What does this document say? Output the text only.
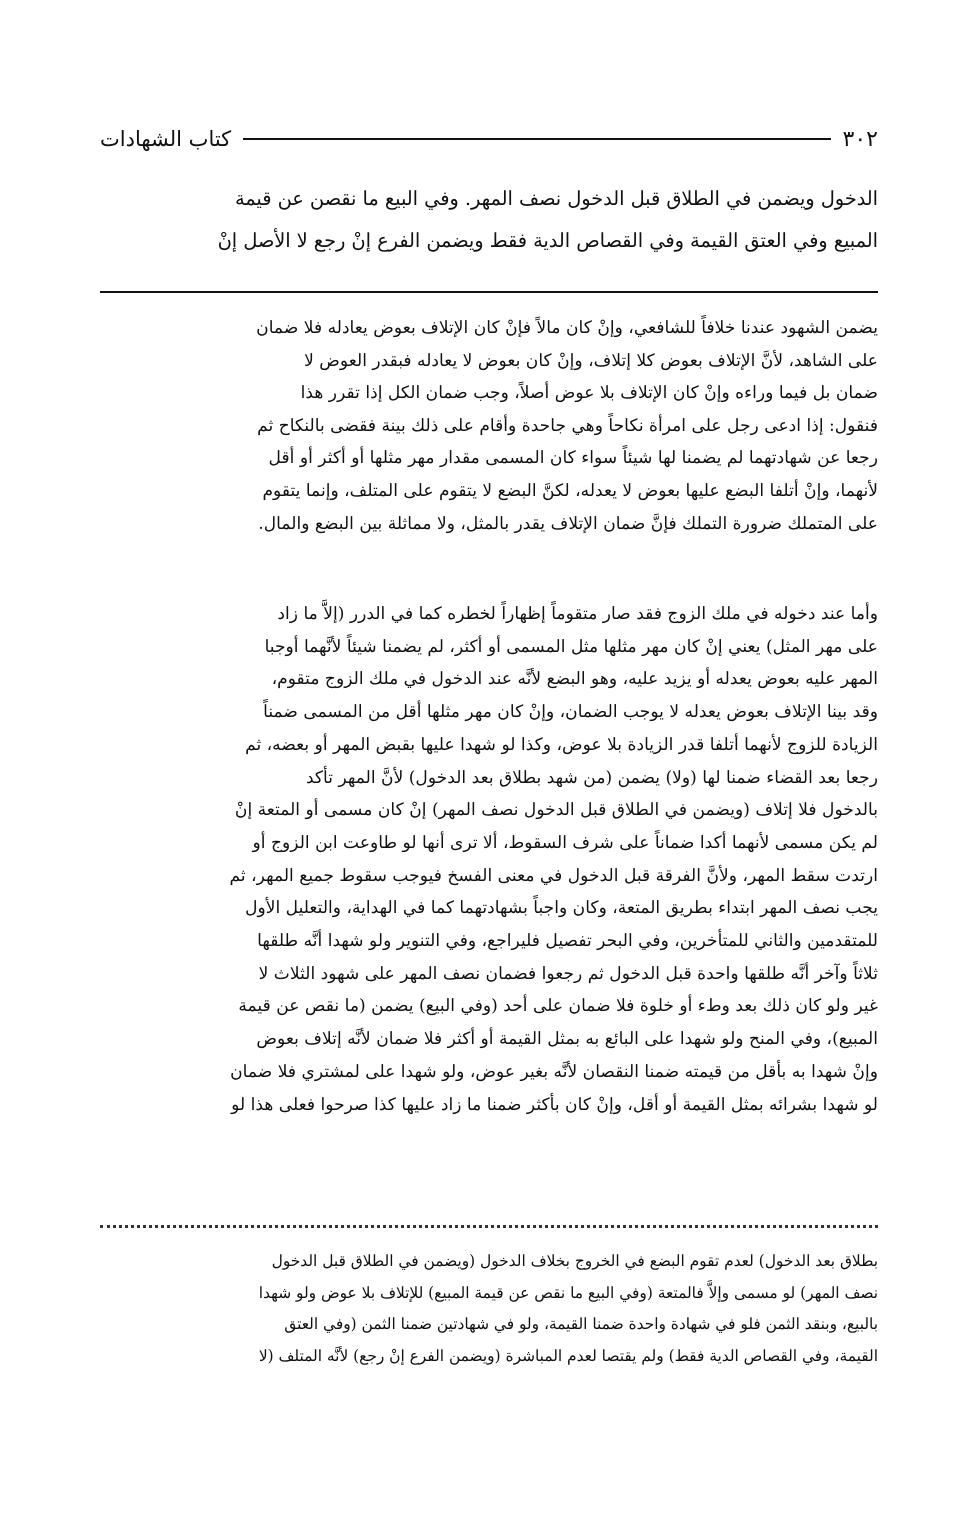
كتاب الشهادات	٣٠٢
الدخول ويضمن في الطلاق قبل الدخول نصف المهر. وفي البيع ما نقصن عن قيمة
المبيع وفي العتق القيمة وفي القصاص الدية فقط ويضمن الفرع إنْ رجع لا الأصل إنْ
يضمن الشهود عندنا خلافاً للشافعي، وإنْ كان مالاً فإنْ كان الإتلاف بعوض يعادله فلا ضمان
على الشاهد، لأنَّ الإتلاف بعوض كلا إتلاف، وإنْ كان بعوض لا يعادله فبقدر العوض لا
ضمان بل فيما وراءه وإنْ كان الإتلاف بلا عوض أصلاً، وجب ضمان الكل إذا تقرر هذا
فنقول: إذا ادعى رجل على امرأة نكاحاً وهي جاحدة وأقام على ذلك بينة فقضى بالنكاح ثم
رجعا عن شهادتهما لم يضمنا لها شيئاً سواء كان المسمى مقدار مهر مثلها أو أكثر أو أقل
لأنهما، وإنْ أتلفا البضع عليها بعوض لا يعدله، لكنَّ البضع لا يتقوم على المتلف، وإنما يتقوم
على المتملك ضرورة التملك فإنَّ ضمان الإتلاف يقدر بالمثل، ولا مماثلة بين البضع والمال.
وأما عند دخوله في ملك الزوج فقد صار متقوماً إظهاراً لخطره كما في الدرر (إلاَّ ما زاد
على مهر المثل) يعني إنْ كان مهر مثلها مثل المسمى أو أكثر، لم يضمنا شيئاً لأنَّهما أوجبا
المهر عليه بعوض يعدله أو يزيد عليه، وهو البضع لأنَّه عند الدخول في ملك الزوج متقوم،
وقد بينا الإتلاف بعوض يعدله لا يوجب الضمان، وإنْ كان مهر مثلها أقل من المسمى ضمناً
الزيادة للزوج لأنهما أتلفا قدر الزيادة بلا عوض، وكذا لو شهدا عليها بقبض المهر أو بعضه، ثم
رجعا بعد القضاء ضمنا لها (ولا) يضمن (من شهد بطلاق بعد الدخول) لأنَّ المهر تأكد
بالدخول فلا إتلاف (ويضمن في الطلاق قبل الدخول نصف المهر) إنْ كان مسمى أو المتعة إنْ
لم يكن مسمى لأنهما أكدا ضماناً على شرف السقوط، ألا ترى أنها لو طاوعت ابن الزوج أو
ارتدت سقط المهر، ولأنَّ الفرقة قبل الدخول في معنى الفسخ فيوجب سقوط جميع المهر، ثم
يجب نصف المهر ابتداء بطريق المتعة، وكان واجباً بشهادتهما كما في الهداية، والتعليل الأول
للمتقدمين والثاني للمتأخرين، وفي البحر تفصيل فليراجع، وفي التنوير ولو شهدا أنَّه طلقها
ثلاثاً وآخر أنَّه طلقها واحدة قبل الدخول ثم رجعوا فضمان نصف المهر على شهود الثلاث لا
غير ولو كان ذلك بعد وطء أو خلوة فلا ضمان على أحد (وفي البيع) يضمن (ما نقص عن قيمة
المبيع)، وفي المنح ولو شهدا على البائع به بمثل القيمة أو أكثر فلا ضمان لأنَّه إتلاف بعوض
وإنْ شهدا به بأقل من قيمته ضمنا النقصان لأنَّه بغير عوض، ولو شهدا على لمشتري فلا ضمان
لو شهدا بشرائه بمثل القيمة أو أقل، وإنْ كان بأكثر ضمنا ما زاد عليها كذا صرحوا فعلى هذا لو
بطلاق بعد الدخول) لعدم تقوم البضع في الخروج بخلاف الدخول (ويضمن في الطلاق قبل الدخول
نصف المهر) لو مسمى وإلاَّ فالمتعة (وفي البيع ما نقص عن قيمة المبيع) للإتلاف بلا عوض ولو شهدا
بالبيع، وبنقد الثمن فلو في شهادة واحدة ضمنا القيمة، ولو في شهادتين ضمنا الثمن (وفي العتق
القيمة، وفي القصاص الدية فقط) ولم يقتصا لعدم المباشرة (ويضمن الفرع إنْ رجع) لأنَّه المتلف (لا
